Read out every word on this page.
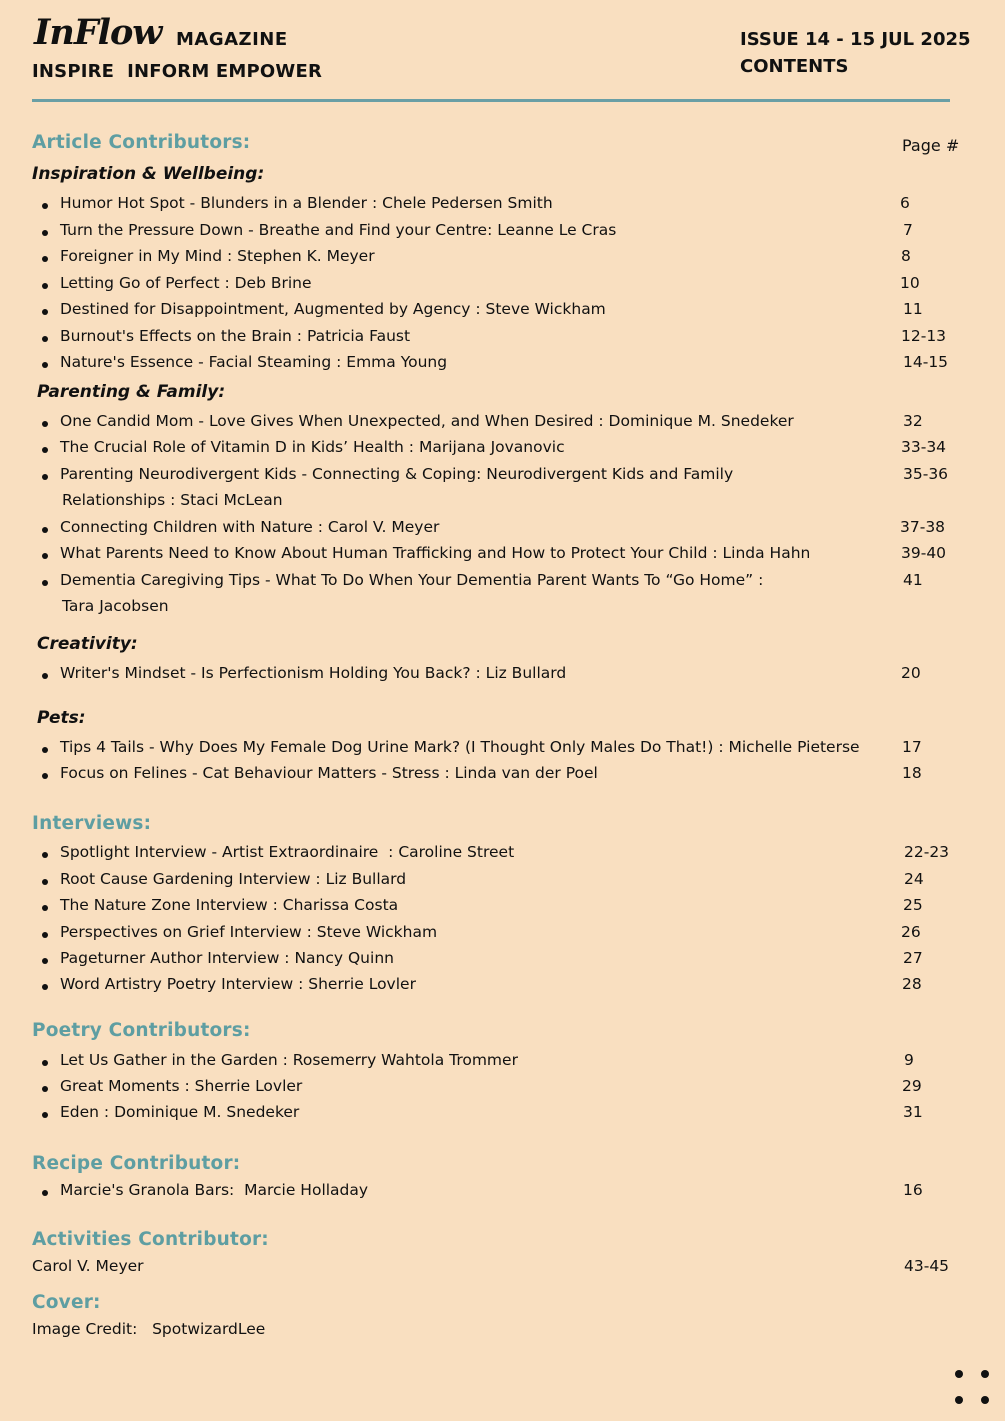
InFlow MAGAZINE
INSPIRE  INFORM EMPOWER
ISSUE 14 - 15 JUL 2025
CONTENTS
Article Contributors:	Page #
Inspiration & Wellbeing:
Humor Hot Spot - Blunders in a Blender : Chele Pedersen Smith	6
Turn the Pressure Down - Breathe and Find your Centre: Leanne Le Cras	7
Foreigner in My Mind : Stephen K. Meyer	8
Letting Go of Perfect : Deb Brine	10
Destined for Disappointment, Augmented by Agency : Steve Wickham	11
Burnout's Effects on the Brain : Patricia Faust	12-13
Nature's Essence - Facial Steaming : Emma Young	14-15
Parenting & Family:
One Candid Mom - Love Gives When Unexpected, and When Desired : Dominique M. Snedeker	32
The Crucial Role of Vitamin D in Kids’ Health : Marijana Jovanovic	33-34
Parenting Neurodivergent Kids - Connecting & Coping: Neurodivergent Kids and Family	35-36
Relationships : Staci McLean
Connecting Children with Nature : Carol V. Meyer	37-38
What Parents Need to Know About Human Trafficking and How to Protect Your Child : Linda Hahn	39-40
Dementia Caregiving Tips - What To Do When Your Dementia Parent Wants To “Go Home” :	41
Tara Jacobsen
Creativity:
Writer's Mindset - Is Perfectionism Holding You Back? : Liz Bullard	20
Pets:
Tips 4 Tails - Why Does My Female Dog Urine Mark? (I Thought Only Males Do That!) : Michelle Pieterse	17
Focus on Felines - Cat Behaviour Matters - Stress : Linda van der Poel	18
Interviews:
Spotlight Interview - Artist Extraordinaire  : Caroline Street	22-23
Root Cause Gardening Interview : Liz Bullard	24
The Nature Zone Interview : Charissa Costa	25
Perspectives on Grief Interview : Steve Wickham	26
Pageturner Author Interview : Nancy Quinn	27
Word Artistry Poetry Interview : Sherrie Lovler	28
Poetry Contributors:
Let Us Gather in the Garden : Rosemerry Wahtola Trommer	9
Great Moments : Sherrie Lovler	29
Eden : Dominique M. Snedeker	31
Recipe Contributor:
Marcie's Granola Bars:  Marcie Holladay	16
Activities Contributor:
Carol V. Meyer	43-45
Cover:
Image Credit:   SpotwizardLee
